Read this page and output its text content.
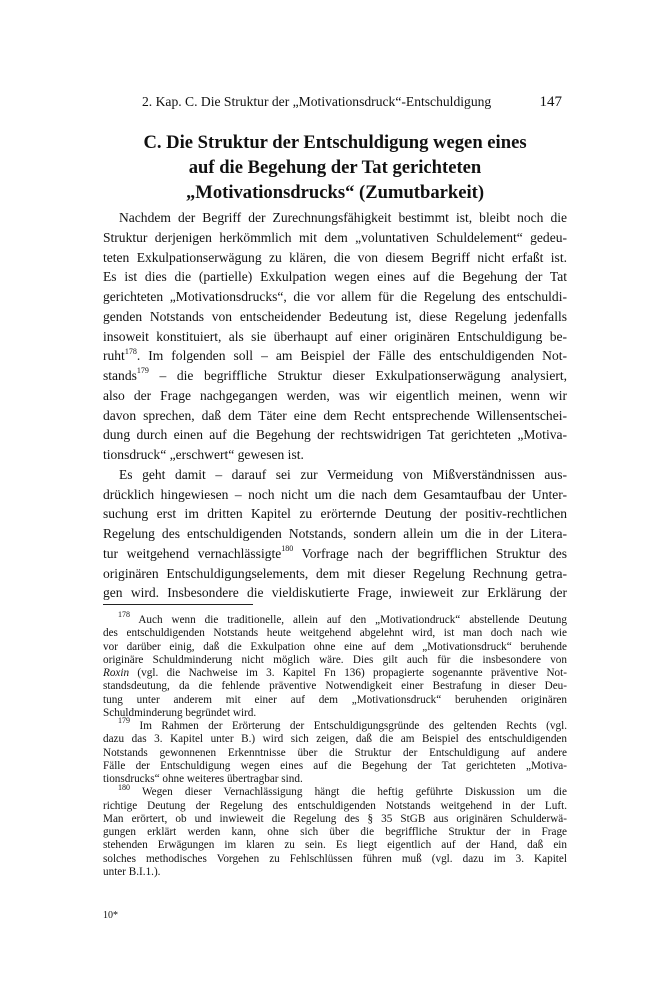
2. Kap. C. Die Struktur der „Motivationsdruck“-Entschuldigung	147
C. Die Struktur der Entschuldigung wegen eines
auf die Begehung der Tat gerichteten
„Motivationsdrucks“ (Zumutbarkeit)
Nachdem der Begriff der Zurechnungsfähigkeit bestimmt ist, bleibt noch die
Struktur derjenigen herkömmlich mit dem „voluntativen Schuldelement“ gedeu-
teten Exkulpationserwägung zu klären, die von diesem Begriff nicht erfaßt ist.
Es ist dies die (partielle) Exkulpation wegen eines auf die Begehung der Tat
gerichteten „Motivationsdrucks“, die vor allem für die Regelung des entschuldi-
genden Notstands von entscheidender Bedeutung ist, diese Regelung jedenfalls
insoweit konstituiert, als sie überhaupt auf einer originären Entschuldigung be-
ruht$^{178}$. Im folgenden soll – am Beispiel der Fälle des entschuldigenden Not-
stands$^{179}$ – die begriffliche Struktur dieser Exkulpationserwägung analysiert,
also der Frage nachgegangen werden, was wir eigentlich meinen, wenn wir
davon sprechen, daß dem Täter eine dem Recht entsprechende Willensentschei-
dung durch einen auf die Begehung der rechtswidrigen Tat gerichteten „Motiva-
tionsdruck“ „erschwert“ gewesen ist.
Es geht damit – darauf sei zur Vermeidung von Mißverständnissen aus-
drücklich hingewiesen – noch nicht um die nach dem Gesamtaufbau der Unter-
suchung erst im dritten Kapitel zu erörternde Deutung der positiv-rechtlichen
Regelung des entschuldigenden Notstands, sondern allein um die in der Litera-
tur weitgehend vernachlässigte$^{180}$ Vorfrage nach der begrifflichen Struktur des
originären Entschuldigungselements, dem mit dieser Regelung Rechnung getra-
gen wird. Insbesondere die vieldiskutierte Frage, inwieweit zur Erklärung der
$^{178}$ Auch wenn die traditionelle, allein auf den „Motivationdruck“ abstellende Deutung
des entschuldigenden Notstands heute weitgehend abgelehnt wird, ist man doch nach wie
vor darüber einig, daß die Exkulpation ohne eine auf dem „Motivationsdruck“ beruhende
originäre Schuldminderung nicht möglich wäre. Dies gilt auch für die insbesondere von
Roxin (vgl. die Nachweise im 3. Kapitel Fn 136) propagierte sogenannte präventive Not-
standsdeutung, da die fehlende präventive Notwendigkeit einer Bestrafung in dieser Deu-
tung unter anderem mit einer auf dem „Motivationsdruck“ beruhenden originären
Schuldminderung begründet wird.
$^{179}$ Im Rahmen der Erörterung der Entschuldigungsgründe des geltenden Rechts (vgl.
dazu das 3. Kapitel unter B.) wird sich zeigen, daß die am Beispiel des entschuldigenden
Notstands gewonnenen Erkenntnisse über die Struktur der Entschuldigung auf andere
Fälle der Entschuldigung wegen eines auf die Begehung der Tat gerichteten „Motiva-
tionsdrucks“ ohne weiteres übertragbar sind.
$^{180}$ Wegen dieser Vernachlässigung hängt die heftig geführte Diskussion um die
richtige Deutung der Regelung des entschuldigenden Notstands weitgehend in der Luft.
Man erörtert, ob und inwieweit die Regelung des § 35 StGB aus originären Schulderwä-
gungen erklärt werden kann, ohne sich über die begriffliche Struktur der in Frage
stehenden Erwägungen im klaren zu sein. Es liegt eigentlich auf der Hand, daß ein
solches methodisches Vorgehen zu Fehlschlüssen führen muß (vgl. dazu im 3. Kapitel
unter B.I.1.).
10*
